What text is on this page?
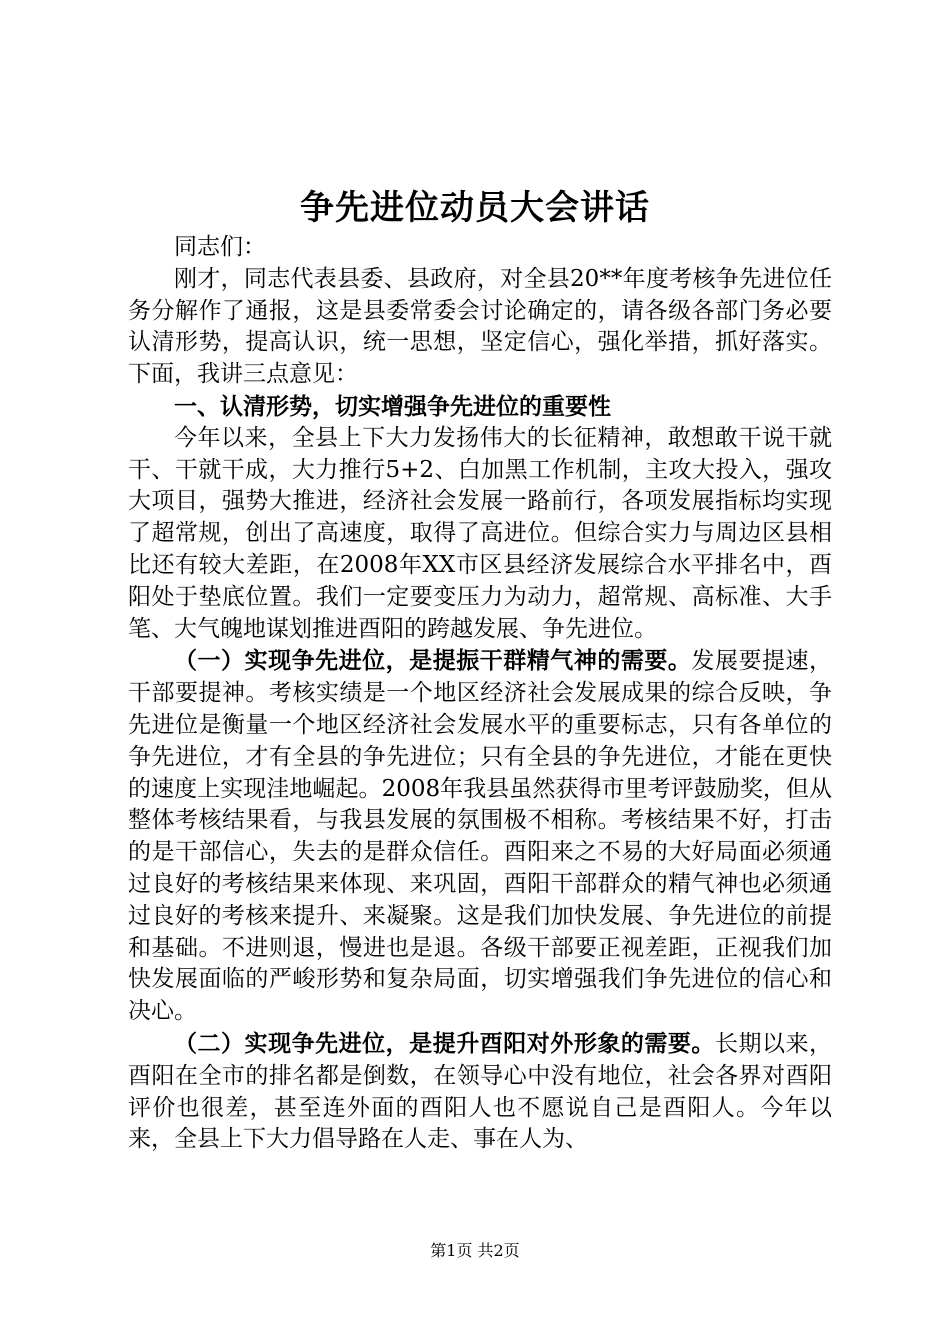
争先进位动员大会讲话

同志们：

刚才，同志代表县委、县政府，对全县20**年度考核争先进位任务分解作了通报，这是县委常委会讨论确定的，请各级各部门务必要认清形势，提高认识，统一思想，坚定信心，强化举措，抓好落实。下面，我讲三点意见：

一、认清形势，切实增强争先进位的重要性

今年以来，全县上下大力发扬伟大的长征精神，敢想敢干说干就干、干就干成，大力推行5+2、白加黑工作机制，主攻大投入，强攻大项目，强势大推进，经济社会发展一路前行，各项发展指标均实现了超常规，创出了高速度，取得了高进位。但综合实力与周边区县相比还有较大差距，在2008年XX市区县经济发展综合水平排名中，酉阳处于垫底位置。我们一定要变压力为动力，超常规、高标准、大手笔、大气魄地谋划推进酉阳的跨越发展、争先进位。

（一）实现争先进位，是提振干群精气神的需要。发展要提速，干部要提神。考核实绩是一个地区经济社会发展成果的综合反映，争先进位是衡量一个地区经济社会发展水平的重要标志，只有各单位的争先进位，才有全县的争先进位；只有全县的争先进位，才能在更快的速度上实现洼地崛起。2008年我县虽然获得市里考评鼓励奖，但从整体考核结果看，与我县发展的氛围极不相称。考核结果不好，打击的是干部信心，失去的是群众信任。酉阳来之不易的大好局面必须通过良好的考核结果来体现、来巩固，酉阳干部群众的精气神也必须通过良好的考核来提升、来凝聚。这是我们加快发展、争先进位的前提和基础。不进则退，慢进也是退。各级干部要正视差距，正视我们加快发展面临的严峻形势和复杂局面，切实增强我们争先进位的信心和决心。

（二）实现争先进位，是提升酉阳对外形象的需要。长期以来，酉阳在全市的排名都是倒数，在领导心中没有地位，社会各界对酉阳评价也很差，甚至连外面的酉阳人也不愿说自己是酉阳人。今年以来，全县上下大力倡导路在人走、事在人为、

第1页 共2页
